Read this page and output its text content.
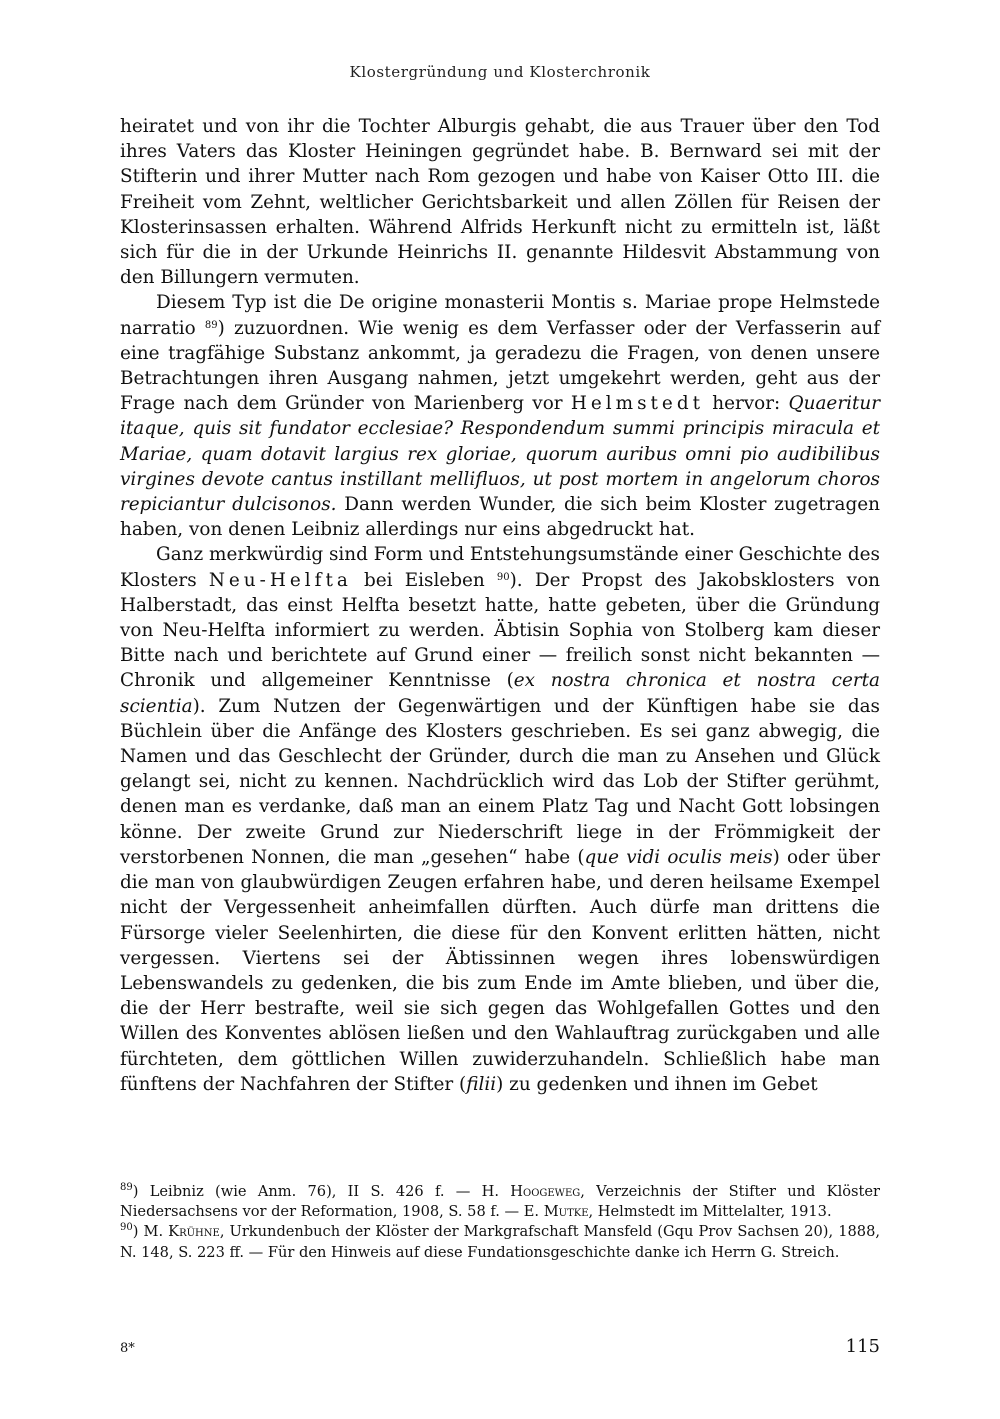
Klostergründung und Klosterchronik

heiratet und von ihr die Tochter Alburgis gehabt, die aus Trauer über den Tod ihres Vaters das Kloster Heiningen gegründet habe. B. Bernward sei mit der Stifterin und ihrer Mutter nach Rom gezogen und habe von Kaiser Otto III. die Freiheit vom Zehnt, weltlicher Gerichtsbarkeit und allen Zöllen für Reisen der Klosterinsassen erhalten. Während Alfrids Herkunft nicht zu ermitteln ist, läßt sich für die in der Urkunde Heinrichs II. genannte Hildesvit Abstammung von den Billungern vermuten.

Diesem Typ ist die De origine monasterii Montis s. Mariae prope Helmstede narratio $^{89}$) zuzuordnen. Wie wenig es dem Verfasser oder der Verfasserin auf eine tragfähige Substanz ankommt, ja geradezu die Fragen, von denen unsere Betrachtungen ihren Ausgang nahmen, jetzt umgekehrt werden, geht aus der Frage nach dem Gründer von Marienberg vor Helmstedt hervor: Quaeritur itaque, quis sit fundator ecclesiae? Respondendum summi principis miracula et Mariae, quam dotavit largius rex gloriae, quorum auribus omni pio audibilibus virgines devote cantus instillant mellifluos, ut post mortem in angelorum choros repiciantur dulcisonos. Dann werden Wunder, die sich beim Kloster zugetragen haben, von denen Leibniz allerdings nur eins abgedruckt hat.

Ganz merkwürdig sind Form und Entstehungsumstände einer Geschichte des Klosters Neu-Helfta bei Eisleben $^{90}$). Der Propst des Jakobsklosters von Halberstadt, das einst Helfta besetzt hatte, hatte gebeten, über die Gründung von Neu-Helfta informiert zu werden. Äbtisin Sophia von Stolberg kam dieser Bitte nach und berichtete auf Grund einer — freilich sonst nicht bekannten — Chronik und allgemeiner Kenntnisse (ex nostra chronica et nostra certa scientia). Zum Nutzen der Gegenwärtigen und der Künftigen habe sie das Büchlein über die Anfänge des Klosters geschrieben. Es sei ganz abwegig, die Namen und das Geschlecht der Gründer, durch die man zu Ansehen und Glück gelangt sei, nicht zu kennen. Nachdrücklich wird das Lob der Stifter gerühmt, denen man es verdanke, daß man an einem Platz Tag und Nacht Gott lobsingen könne. Der zweite Grund zur Niederschrift liege in der Frömmigkeit der verstorbenen Nonnen, die man „gesehen“ habe (que vidi oculis meis) oder über die man von glaubwürdigen Zeugen erfahren habe, und deren heilsame Exempel nicht der Vergessenheit anheimfallen dürften. Auch dürfe man drittens die Fürsorge vieler Seelenhirten, die diese für den Konvent erlitten hätten, nicht vergessen. Viertens sei der Äbtissinnen wegen ihres lobenswürdigen Lebenswandels zu gedenken, die bis zum Ende im Amte blieben, und über die, die der Herr bestrafte, weil sie sich gegen das Wohlgefallen Gottes und den Willen des Konventes ablösen ließen und den Wahlauftrag zurückgaben und alle fürchteten, dem göttlichen Willen zuwiderzuhandeln. Schließlich habe man fünftens der Nachfahren der Stifter (filii) zu gedenken und ihnen im Gebet

$^{89}$) Leibniz (wie Anm. 76), II S. 426 f. — H. Hoogeweg, Verzeichnis der Stifter und Klöster Niedersachsens vor der Reformation, 1908, S. 58 f. — E. Mutke, Helmstedt im Mittelalter, 1913.

$^{90}$) M. Krühne, Urkundenbuch der Klöster der Markgrafschaft Mansfeld (Gqu Prov Sachsen 20), 1888, N. 148, S. 223 ff. — Für den Hinweis auf diese Fundationsgeschichte danke ich Herrn G. Streich.

8*	115
